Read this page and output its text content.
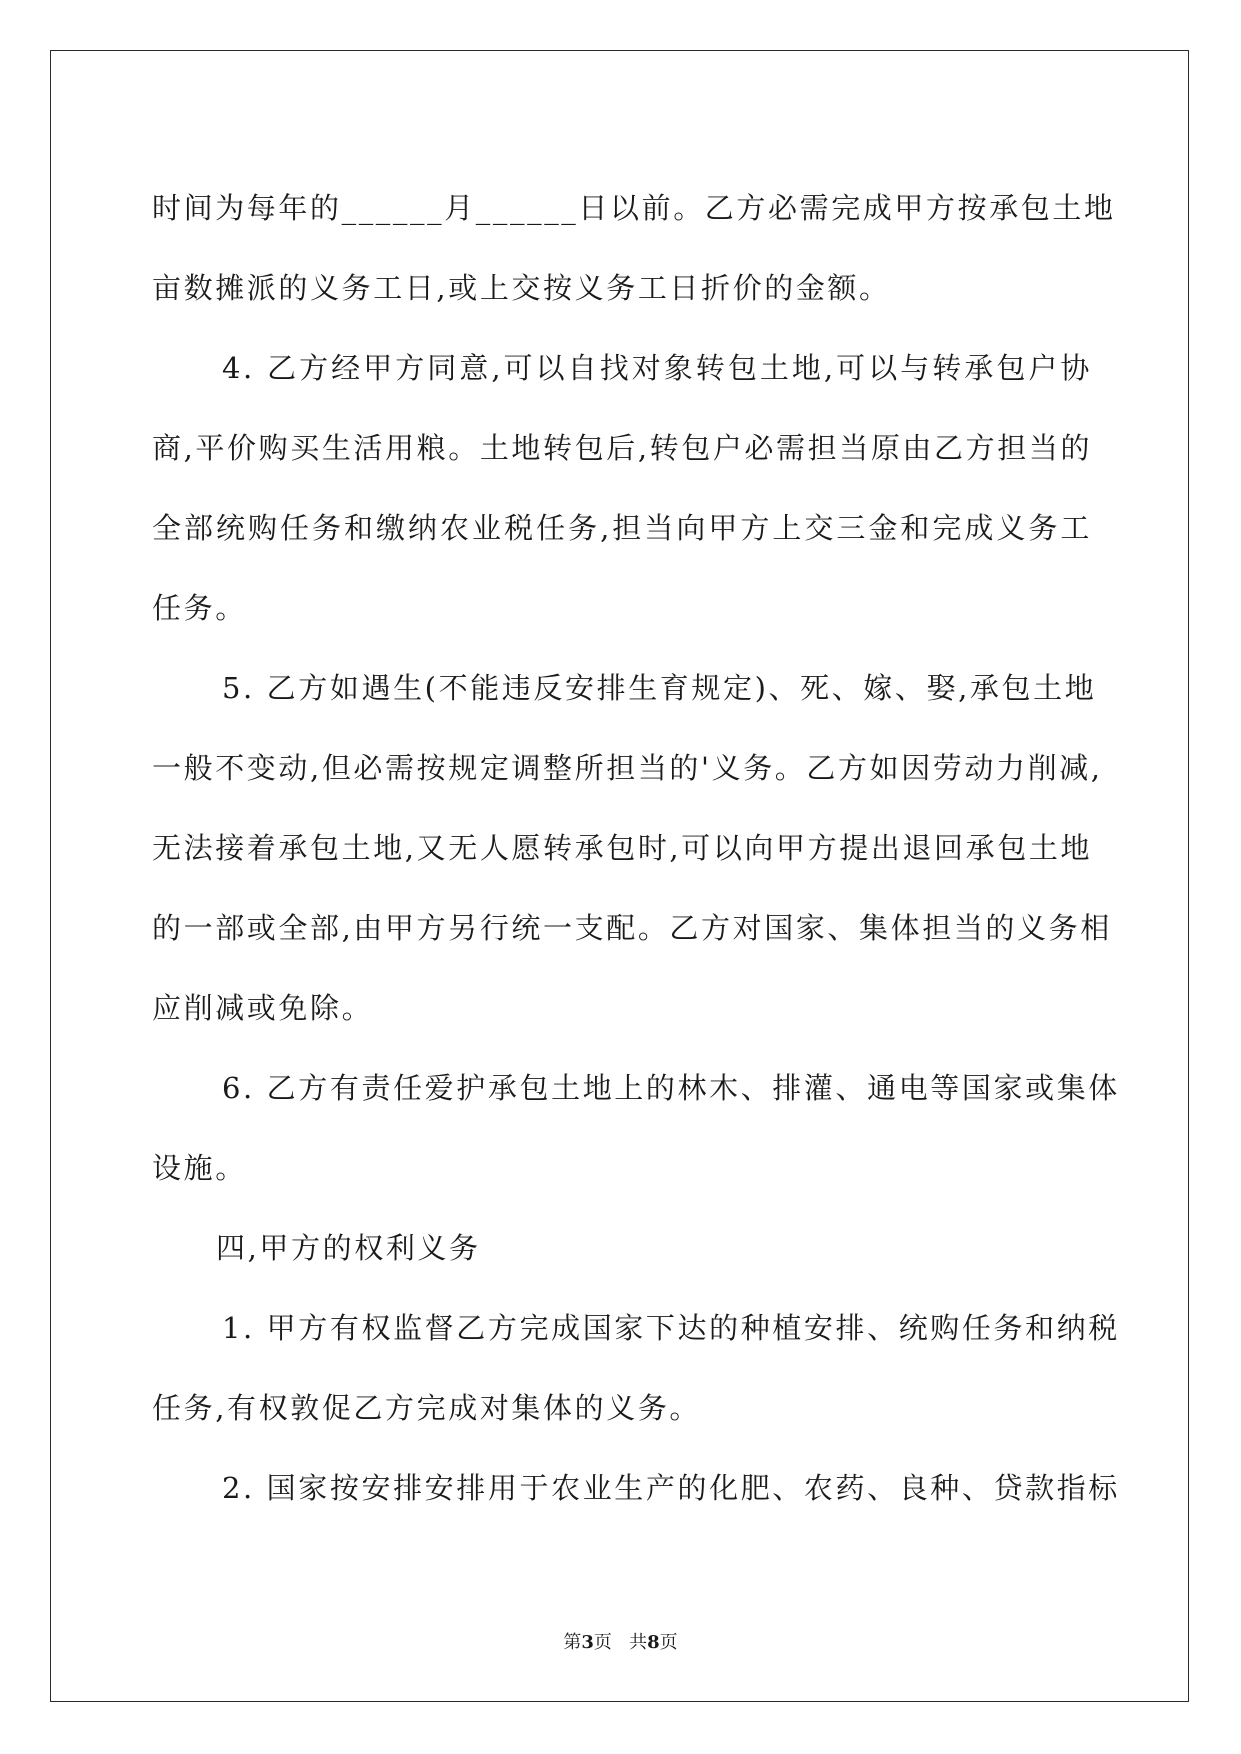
时间为每年的______月______日以前。乙方必需完成甲方按承包土地

亩数摊派的义务工日,或上交按义务工日折价的金额。

4. 乙方经甲方同意,可以自找对象转包土地,可以与转承包户协

商,平价购买生活用粮。土地转包后,转包户必需担当原由乙方担当的

全部统购任务和缴纳农业税任务,担当向甲方上交三金和完成义务工

任务。

5. 乙方如遇生(不能违反安排生育规定)、死、嫁、娶,承包土地

一般不变动,但必需按规定调整所担当的'义务。乙方如因劳动力削减,

无法接着承包土地,又无人愿转承包时,可以向甲方提出退回承包土地

的一部或全部,由甲方另行统一支配。乙方对国家、集体担当的义务相

应削减或免除。

6. 乙方有责任爱护承包土地上的林木、排灌、通电等国家或集体

设施。

四,甲方的权利义务

1. 甲方有权监督乙方完成国家下达的种植安排、统购任务和纳税

任务,有权敦促乙方完成对集体的义务。

2. 国家按安排安排用于农业生产的化肥、农药、良种、贷款指标

第3页 共8页
